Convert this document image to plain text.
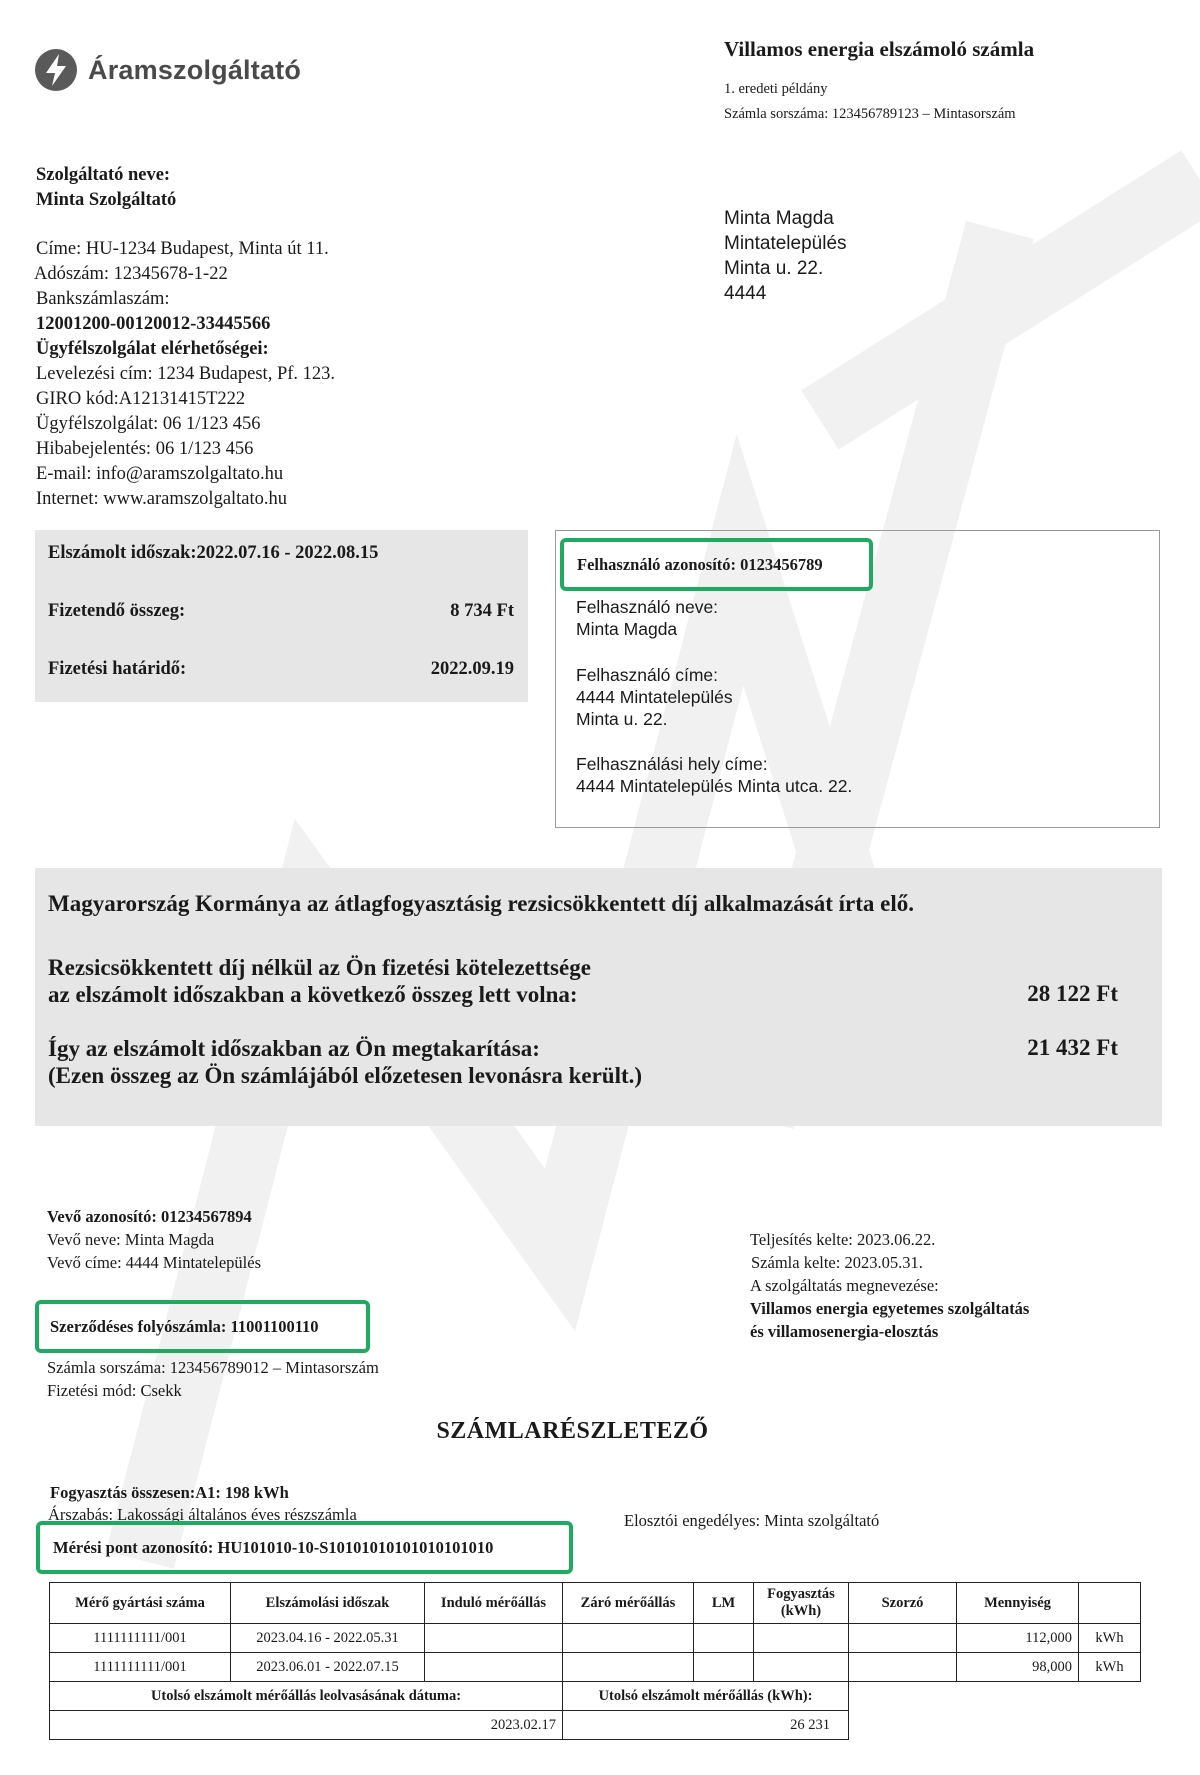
Áramszolgáltató
Villamos energia elszámoló számla
1. eredeti példány
Számla sorszáma: 123456789123 – Mintasorszám
Minta Magda
Mintatelepülés
Minta u. 22.
4444
Szolgáltató neve:
Minta Szolgáltató
Címe: HU-1234 Budapest, Minta út 11.
Adószám: 12345678-1-22
Bankszámlaszám:
12001200-00120012-33445566
Ügyfélszolgálat elérhetőségei:
Levelezési cím: 1234 Budapest, Pf. 123.
GIRO kód:A12131415T222
Ügyfélszolgálat: 06 1/123 456
Hibabejelentés: 06 1/123 456
E-mail: info@aramszolgaltato.hu
Internet: www.aramszolgaltato.hu
Elszámolt időszak:2022.07.16 - 2022.08.15
Fizetendő összeg:	8 734 Ft
Fizetési határidő:	2022.09.19
Felhasználó neve:
Minta Magda
Felhasználó címe:
4444 Mintatelepülés
Minta u. 22.
Felhasználási hely címe:
4444 Mintatelepülés Minta utca. 22.
Felhasználó azonosító: 0123456789
Magyarország Kormánya az átlagfogyasztásig rezsicsökkentett díj alkalmazását írta elő.
Rezsicsökkentett díj nélkül az Ön fizetési kötelezettsége
az elszámolt időszakban a következő összeg lett volna:	28 122 Ft
Így az elszámolt időszakban az Ön megtakarítása:
(Ezen összeg az Ön számlájából előzetesen levonásra került.)
21 432 Ft
Vevő azonosító: 01234567894
Vevő neve: Minta Magda
Vevő címe: 4444 Mintatelepülés
Szerződéses folyószámla: 11001100110
Számla sorszáma: 123456789012 – Mintasorszám
Fizetési mód: Csekk
Teljesítés kelte: 2023.06.22.
Számla kelte: 2023.05.31.
A szolgáltatás megnevezése:
Villamos energia egyetemes szolgáltatás
és villamosenergia-elosztás
SZÁMLARÉSZLETEZŐ
Fogyasztás összesen:A1: 198 kWh
Árszabás: Lakossági általános éves részszámla	Elosztói engedélyes: Minta szolgáltató
Mérési pont azonosító: HU101010-10-S10101010101010101010
Mérő gyártási száma	Elszámolási időszak	Induló mérőállás	Záró mérőállás	LM	Fogyasztás (kWh)	Szorzó	Mennyiség	
1111111111/001	2023.04.16 - 2022.05.31						112,000	kWh
1111111111/001	2023.06.01 - 2022.07.15						98,000	kWh
Utolsó elszámolt mérőállás leolvasásának dátuma:			Utolsó elszámolt mérőállás (kWh):					
2023.02.17			26 231					
